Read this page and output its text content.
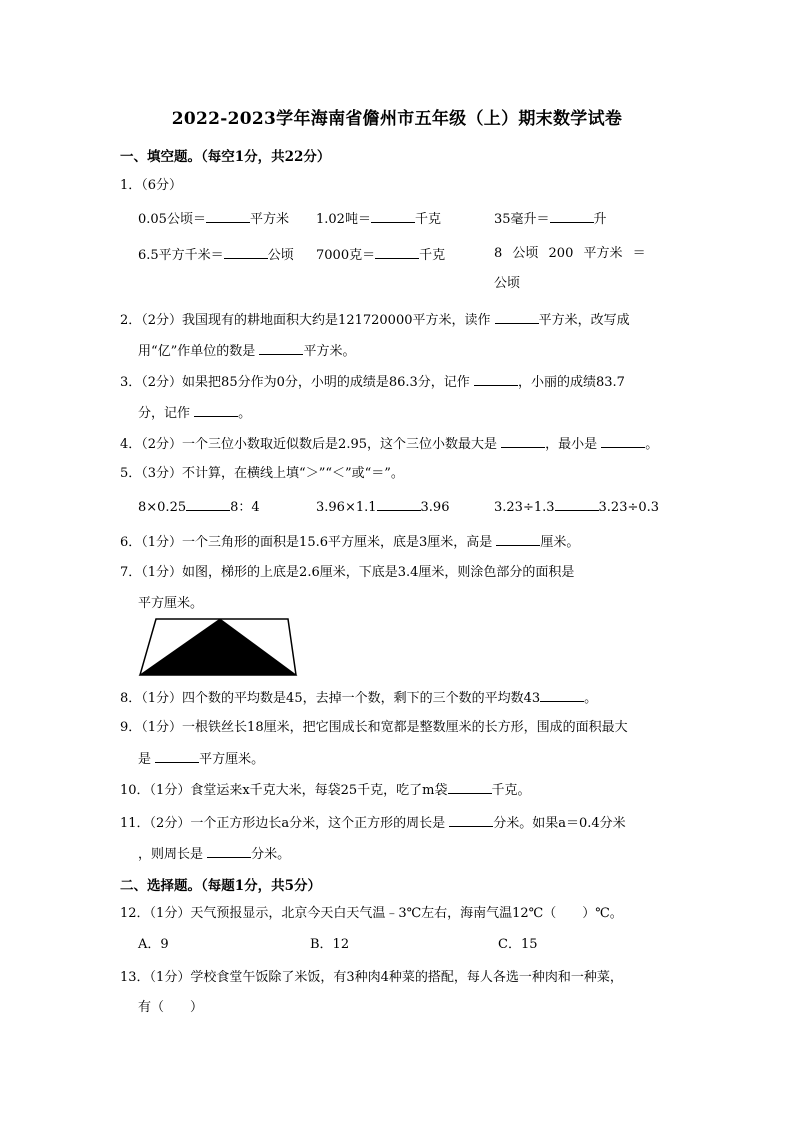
2022-2023学年海南省儋州市五年级（上）期末数学试卷
一、填空题。（每空1分，共22分）
1．（6分）
0.05公顷＝	平方米 1.02吨＝	千克	35毫升＝	升
6.5平方千米＝	公顷 7000克＝	千克	8 公顷 200 平方米 ＝
公顷
2．（2分）我国现有的耕地面积大约是121720000平方米，读作	平方米，改写成
用“亿”作单位的数是	平方米。
3．（2分）如果把85分作为0分，小明的成绩是86.3分，记作	，小丽的成绩83.7
分，记作	。
4．（2分）一个三位小数取近似数后是2.95，这个三位小数最大是	，最小是	。
5．（3分）不计算，在横线上填“＞”“＜”或“＝”。
8×0.25	8：4	3.96×1.1	3.96	3.23÷1.3	3.23÷0.3
6．（1分）一个三角形的面积是15.6平方厘米，底是3厘米，高是	厘米。
7．（1分）如图，梯形的上底是2.6厘米，下底是3.4厘米，则涂色部分的面积是
平方厘米。
8．（1分）四个数的平均数是45，去掉一个数，剩下的三个数的平均数43	。
9．（1分）一根铁丝长18厘米，把它围成长和宽都是整数厘米的长方形，围成的面积最大
是	平方厘米。
10．（1分）食堂运来x千克大米，每袋25千克，吃了m袋	千克。
11．（2分）一个正方形边长a分米，这个正方形的周长是	分米。如果a＝0.4分米
，则周长是	分米。
二、选择题。（每题1分，共5分）
12．（1分）天气预报显示，北京今天白天气温﹣3℃左右，海南气温12℃（　　）℃。
A．9	B．12	C．15
13．（1分）学校食堂午饭除了米饭，有3种肉4种菜的搭配，每人各选一种肉和一种菜，
有（　　）
